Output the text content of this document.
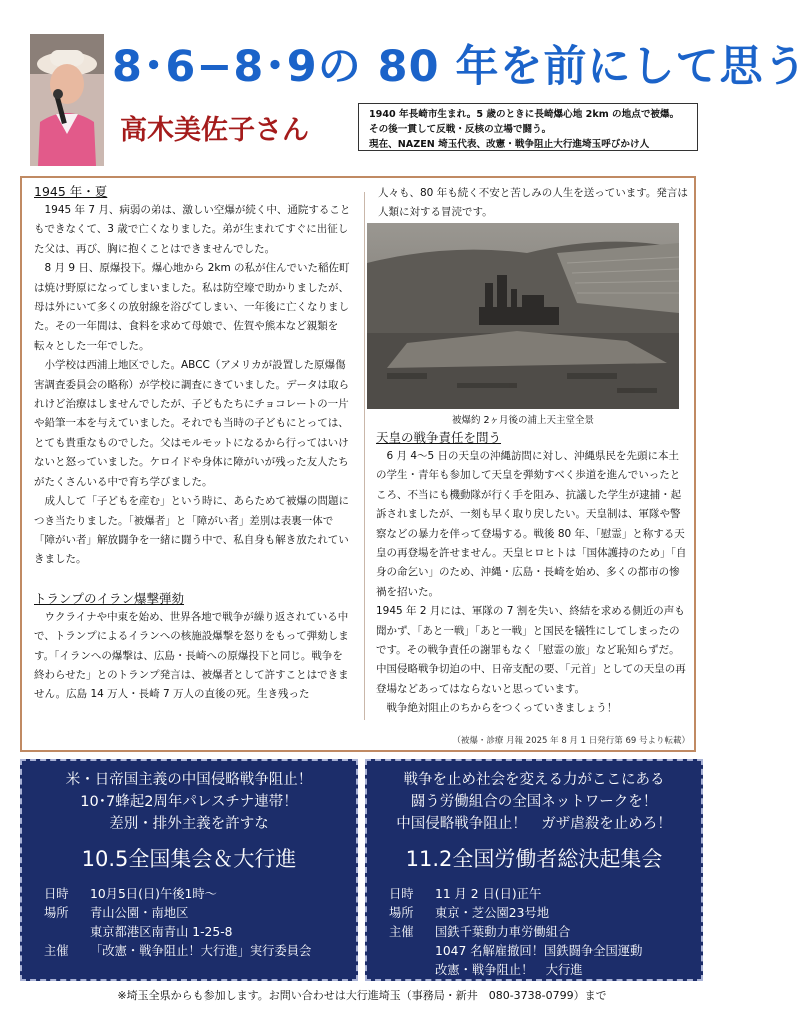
8･6−8･9の 80 年を前にして思う
高木美佐子さん
1940 年長崎市生まれ。5 歳のときに長崎爆心地 2km の地点で被爆。
その後一貫して反戦・反核の立場で闘う。
現在、NAZEN 埼玉代表、改憲・戦争阻止大行進埼玉呼びかけ人
1945 年・夏

1945 年 7 月、病弱の弟は、激しい空爆が続く中、通院することもできなくて、3 歳で亡くなりました。弟が生まれてすぐに出征した父は、再び、胸に抱くことはできませんでした。

8 月 9 日、原爆投下。爆心地から 2km の私が住んでいた稲佐町は焼け野原になってしまいました。私は防空壕で助かりましたが、母は外にいて多くの放射線を浴びてしまい、一年後に亡くなりました。その一年間は、食料を求めて母娘で、佐賀や熊本など親類を転々とした一年でした。

小学校は西浦上地区でした。ABCC（アメリカが設置した原爆傷害調査委員会の略称）が学校に調査にきていました。データは取られけど治療はしませんでしたが、子どもたちにチョコレートの一片や鉛筆一本を与えていました。それでも当時の子どもにとっては、とても貴重なものでした。父はモルモットになるから行ってはいけないと怒っていました。ケロイドや身体に障がいが残った友人たちがたくさんいる中で育ち学びました。

成人して「子どもを産む」という時に、あらためて被爆の問題につき当たりました。「被爆者」と「障がい者」差別は表裏一体で「障がい者」解放闘争を一緒に闘う中で、私自身も解き放たれていきました。

トランプのイラン爆撃弾劾

ウクライナや中東を始め、世界各地で戦争が繰り返されている中で、トランプによるイランへの核施設爆撃を怒りをもって弾劾します。「イランへの爆撃は、広島・長崎への原爆投下と同じ。戦争を終わらせた」とのトランプ発言は、被爆者として許すことはできません。広島 14 万人・長崎 7 万人の直後の死。生き残った

人々も、80 年も続く不安と苦しみの人生を送っています。発言は人類に対する冒涜です。

被爆約 2ヶ月後の浦上天主堂全景
天皇の戦争責任を問う

6 月 4〜5 日の天皇の沖縄訪問に対し、沖縄県民を先頭に本土の学生・青年も参加して天皇を弾劾すべく歩道を進んでいったところ、不当にも機動隊が行く手を阻み、抗議した学生が逮捕・起訴されましたが、一刻も早く取り戻したい。天皇制は、軍隊や警察などの暴力を伴って登場する。戦後 80 年、「慰霊」と称する天皇の再登場を許せません。天皇ヒロヒトは「国体護持のため」「自身の命乞い」のため、沖縄・広島・長崎を始め、多くの都市の惨禍を招いた。

1945 年 2 月には、軍隊の 7 割を失い、終結を求める側近の声も聞かず、「あと一戦」「あと一戦」と国民を犠牲にしてしまったのです。その戦争責任の謝罪もなく「慰霊の旅」など恥知らずだ。中国侵略戦争切迫の中、日帝支配の要、「元首」としての天皇の再登場などあってはならないと思っています。

戦争絶対阻止のちからをつくっていきましょう！

（被爆・診療 月報 2025 年 8 月 1 日発行第 69 号より転載）
米・日帝国主義の中国侵略戦争阻止！
10･7蜂起2周年パレスチナ連帯！
差別・排外主義を許すな
10.5全国集会＆大行進
日時	10月5日(日)午後1時〜
場所	青山公園・南地区
東京都港区南青山 1-25-8
主催	「改憲・戦争阻止！大行進」実行委員会
戦争を止め社会を変える力がここにある
闘う労働組合の全国ネットワークを！
中国侵略戦争阻止！　ガザ虐殺を止めろ！
11.2全国労働者総決起集会
日時	11 月 2 日(日)正午
場所	東京・芝公園23号地
主催	国鉄千葉動力車労働組合
1047 名解雇撤回！国鉄闘争全国運動
改憲・戦争阻止！　大行進
※埼玉全県からも参加します。お問い合わせは大行進埼玉（事務局・新井　080-3738-0799）まで
